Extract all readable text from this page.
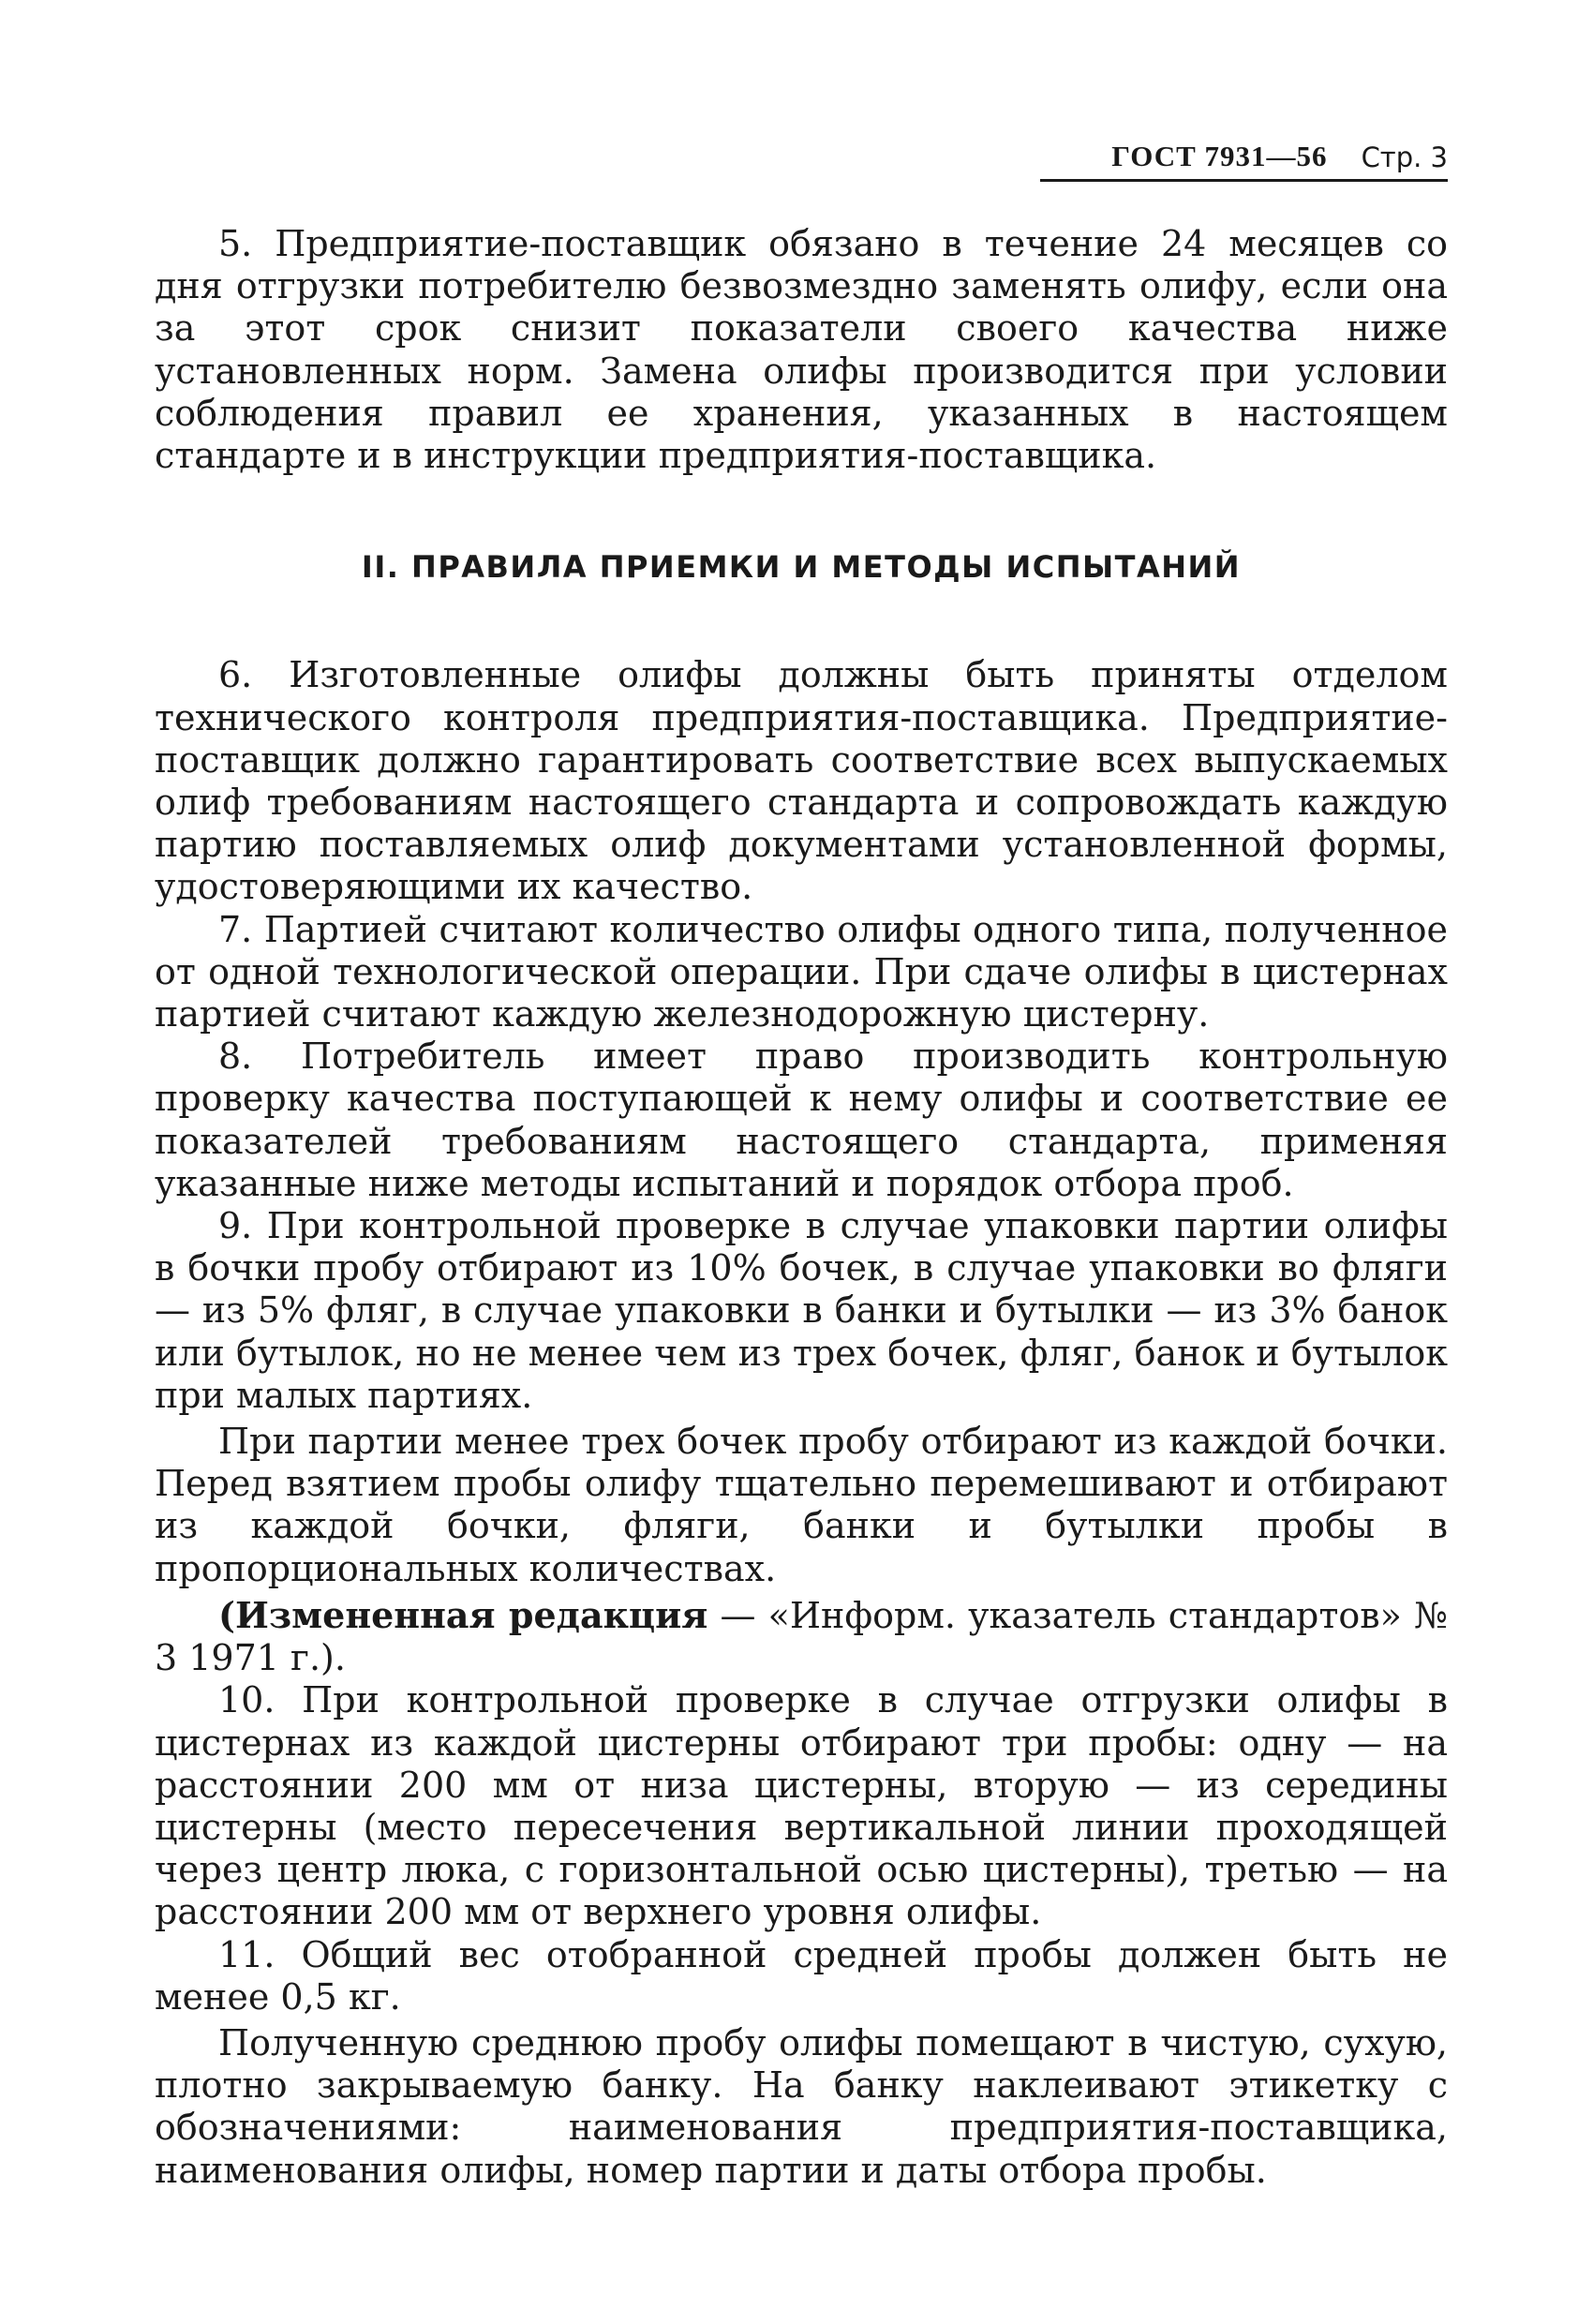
ГОСТ 7931—56 Стр. 3

5. Предприятие-поставщик обязано в течение 24 месяцев со дня отгрузки потребителю безвозмездно заменять олифу, если она за этот срок снизит показатели своего качества ниже установленных норм. Замена олифы производится при условии соблюдения правил ее хранения, указанных в настоящем стандарте и в инструкции предприятия-поставщика.

II. ПРАВИЛА ПРИЕМКИ И МЕТОДЫ ИСПЫТАНИЙ

6. Изготовленные олифы должны быть приняты отделом технического контроля предприятия-поставщика. Предприятие-поставщик должно гарантировать соответствие всех выпускаемых олиф требованиям настоящего стандарта и сопровождать каждую партию поставляемых олиф документами установленной формы, удостоверяющими их качество.

7. Партией считают количество олифы одного типа, полученное от одной технологической операции. При сдаче олифы в цистернах партией считают каждую железнодорожную цистерну.

8. Потребитель имеет право производить контрольную проверку качества поступающей к нему олифы и соответствие ее показателей требованиям настоящего стандарта, применяя указанные ниже методы испытаний и порядок отбора проб.

9. При контрольной проверке в случае упаковки партии олифы в бочки пробу отбирают из 10% бочек, в случае упаковки во фляги — из 5% фляг, в случае упаковки в банки и бутылки — из 3% банок или бутылок, но не менее чем из трех бочек, фляг, банок и бутылок при малых партиях.

При партии менее трех бочек пробу отбирают из каждой бочки. Перед взятием пробы олифу тщательно перемешивают и отбирают из каждой бочки, фляги, банки и бутылки пробы в пропорциональных количествах.

(Измененная редакция — «Информ. указатель стандартов» № 3 1971 г.).

10. При контрольной проверке в случае отгрузки олифы в цистернах из каждой цистерны отбирают три пробы: одну — на расстоянии 200 мм от низа цистерны, вторую — из середины цистерны (место пересечения вертикальной линии проходящей через центр люка, с горизонтальной осью цистерны), третью — на расстоянии 200 мм от верхнего уровня олифы.

11. Общий вес отобранной средней пробы должен быть не менее 0,5 кг.

Полученную среднюю пробу олифы помещают в чистую, сухую, плотно закрываемую банку. На банку наклеивают этикетку с обозначениями: наименования предприятия-поставщика, наименования олифы, номер партии и даты отбора пробы.
